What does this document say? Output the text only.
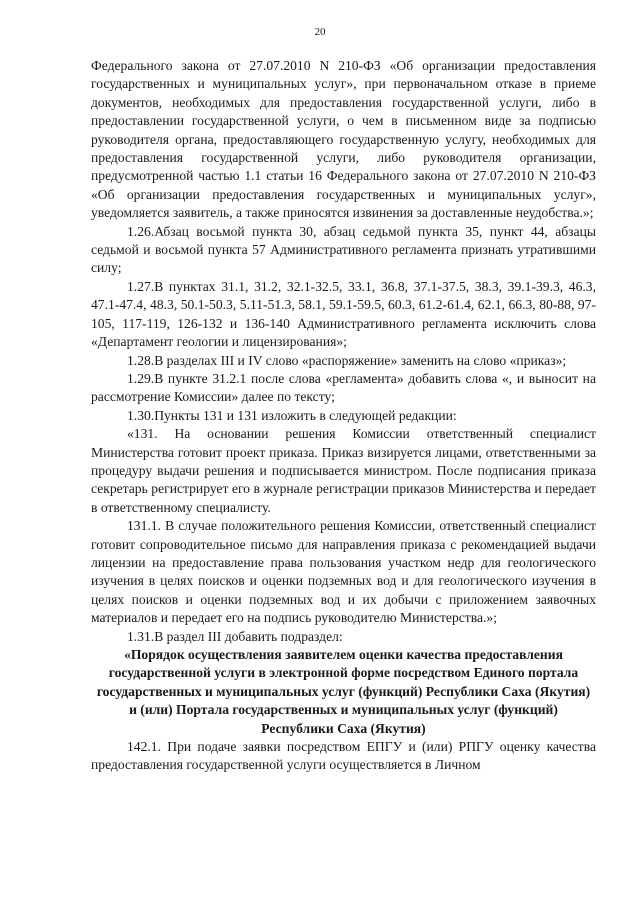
20

Федерального закона от 27.07.2010 N 210-ФЗ «Об организации предоставления государственных и муниципальных услуг», при первоначальном отказе в приеме документов, необходимых для предоставления государственной услуги, либо в предоставлении государственной услуги, о чем в письменном виде за подписью руководителя органа, предоставляющего государственную услугу, необходимых для предоставления государственной услуги, либо руководителя организации, предусмотренной частью 1.1 статьи 16 Федерального закона от 27.07.2010 N 210-ФЗ «Об организации предоставления государственных и муниципальных услуг», уведомляется заявитель, а также приносятся извинения за доставленные неудобства.»;

1.26.Абзац восьмой пункта 30, абзац седьмой пункта 35, пункт 44, абзацы седьмой и восьмой пункта 57 Административного регламента признать утратившими силу;

1.27.В пунктах 31.1, 31.2, 32.1-32.5, 33.1, 36.8, 37.1-37.5, 38.3, 39.1-39.3, 46.3, 47.1-47.4, 48.3, 50.1-50.3, 5.11-51.3, 58.1, 59.1-59.5, 60.3, 61.2-61.4, 62.1, 66.3, 80-88, 97-105, 117-119, 126-132 и 136-140 Административного регламента исключить слова «Департамент геологии и лицензирования»;

1.28.В разделах III и IV слово «распоряжение» заменить на слово «приказ»;

1.29.В пункте 31.2.1 после слова «регламента» добавить слова «, и выносит на рассмотрение Комиссии» далее по тексту;

1.30.Пункты 131 и 131 изложить в следующей редакции:

«131. На основании решения Комиссии ответственный специалист Министерства готовит проект приказа. Приказ визируется лицами, ответственными за процедуру выдачи решения и подписывается министром. После подписания приказа секретарь регистрирует его в журнале регистрации приказов Министерства и передает в ответственному специалисту.

131.1. В случае положительного решения Комиссии, ответственный специалист готовит сопроводительное письмо для направления приказа с рекомендацией выдачи лицензии на предоставление права пользования участком недр для геологического изучения в целях поисков и оценки подземных вод и для геологического изучения в целях поисков и оценки подземных вод и их добычи с приложением заявочных материалов и передает его на подпись руководителю Министерства.»;

1.31.В раздел III добавить подраздел:

«Порядок осуществления заявителем оценки качества предоставления государственной услуги в электронной форме посредством Единого портала государственных и муниципальных услуг (функций) Республики Саха (Якутия) и (или) Портала государственных и муниципальных услуг (функций) Республики Саха (Якутия)

142.1. При подаче заявки посредством ЕПГУ и (или) РПГУ оценку качества предоставления государственной услуги осуществляется в Личном
